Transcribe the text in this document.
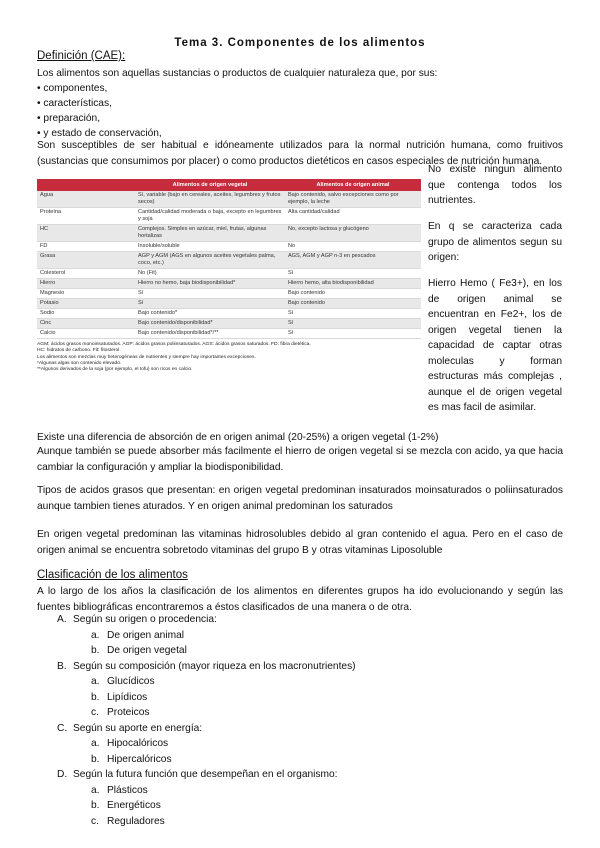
Tema 3. Componentes de los alimentos
Definición (CAE):
Los alimentos son aquellas sustancias o productos de cualquier naturaleza que, por sus:
• componentes,
• características,
• preparación,
• y estado de conservación,
Son susceptibles de ser habitual e idóneamente utilizados para la normal nutrición humana, como fruitivos (sustancias que consumimos por placer) o como productos dietéticos en casos especiales de nutrición humana.
	Alimentos de origen vegetal	Alimentos de origen animal
Agua	Sí, variable (bajo en cereales, aceites, legumbres y frutos secos)	Bajo contenido, salvo excepciones como por ejemplo, la leche
Proteína	Cantidad/calidad moderada o baja, excepto en legumbres y soja	Alta cantidad/calidad
HC	Complejos. Simples en azúcar, miel, frutas, algunas hortalizas	No, excepto lactosa y glucógeno
FD	Insoluble/soluble	No
Grasa	AGP y AGM (AGS en algunos aceites vegetales palma, coco, etc.)	AGS, AGM y AGP n-3 en pescados
Colesterol	No (Fit)	Sí
Hierro	Hierro no hemo, baja biodisponibilidad*	Hierro hemo, alta biodisponibilidad
Magnesio	Sí	Bajo contenido
Potasio	Sí	Bajo contenido
Sodio	Bajo contenido*	Sí
Cinc	Bajo contenido/disponibilidad*	Sí
Calcio	Bajo contenido/disponibilidad*/**	Sí
AGM: ácidos grasos monoinsaturados. AGP: ácidos grasos poliinsaturados. AGS: ácidos grasos saturados. FD: fibra dietética.
HC: hidratos de carbono. Fit: fitosterol.
Los alimentos son mezclas muy heterogéneas de nutrientes y siempre hay importantes excepciones.
*Algunas algas son contenido elevado.
**Algunos derivados de la soja (por ejemplo, el tofu) son ricos en calcio.
No existe ningun alimento que contenga todos los nutrientes.
En q se caracteriza cada grupo de alimentos segun su origen:
Hierro Hemo ( Fe3+), en los de origen animal se encuentran en Fe2+, los de origen vegetal tienen la capacidad de captar otras moleculas y forman estructuras más complejas , aunque el de origen vegetal es mas facil de asimilar.
Existe una diferencia de absorción de en origen animal (20-25%) a origen vegetal (1-2%)
Aunque también se puede absorber más facilmente el hierro de origen vegetal si se mezcla con acido, ya que hacia cambiar la configuración y ampliar la biodisponibilidad.
Tipos de acidos grasos que presentan: en origen vegetal predominan insaturados moinsaturados o poliinsaturados aunque tambien tienes aturados. Y en origen animal predominan los saturados
En origen vegetal predominan las vitaminas hidrosolubles debido al gran contenido el agua. Pero en el caso de origen animal se encuentra sobretodo vitaminas del grupo B y otras vitaminas Liposoluble
Clasificación de los alimentos
A lo largo de los años la clasificación de los alimentos en diferentes grupos ha ido evolucionando y según las fuentes bibliográficas encontraremos a éstos clasificados de una manera o de otra.
A. Según su origen o procedencia:
a. De origen animal
b. De origen vegetal
B. Según su composición (mayor riqueza en los macronutrientes)
a. Glucídicos
b. Lipídicos
c. Proteicos
C. Según su aporte en energía:
a. Hipocalóricos
b. Hipercalóricos
D. Según la futura función que desempeñan en el organismo:
a. Plásticos
b. Energéticos
c. Reguladores
